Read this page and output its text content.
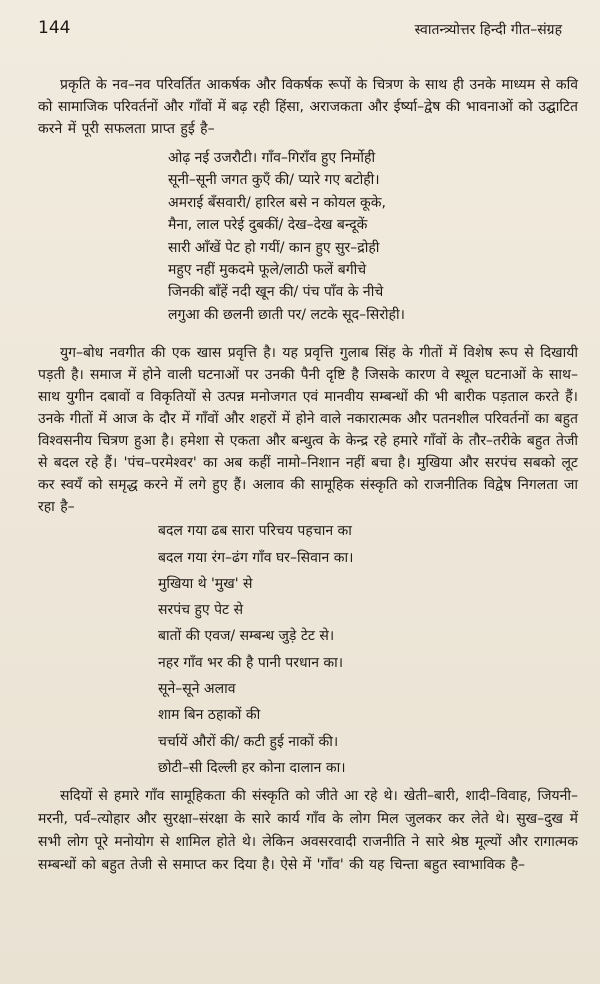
144	स्वातन्त्र्योत्तर हिन्दी गीत–संग्रह

प्रकृति के नव–नव परिवर्तित आकर्षक और विकर्षक रूपों के चित्रण के साथ ही उनके माध्यम से कवि को सामाजिक परिवर्तनों और गाँवों में बढ़ रही हिंसा, अराजकता और ईर्ष्या–द्वेष की भावनाओं को उद्घाटित करने में पूरी सफलता प्राप्त हुई है–

ओढ़ नई उजरौटी। गाँव–गिराँव हुए निर्मोही
सूनी–सूनी जगत कुएँ की/ प्यारे गए बटोही।
अमराई बँसवारी/ हारिल बसे न कोयल कूके,
मैना, लाल परेई दुबकीं/ देख–देख बन्दूकें
सारी आँखें पेट हो गयीं/ कान हुए सुर–द्रोही
महुए नहीं मुकदमे फूले/लाठी फलें बगीचे
जिनकी बाँहें नदी खून की/ पंच पाँव के नीचे
लगुआ की छलनी छाती पर/ लटके सूद–सिरोही।

युग–बोध नवगीत की एक खास प्रवृत्ति है। यह प्रवृत्ति गुलाब सिंह के गीतों में विशेष रूप से दिखायी पड़ती है। समाज में होने वाली घटनाओं पर उनकी पैनी दृष्टि है जिसके कारण वे स्थूल घटनाओं के साथ–साथ युगीन दबावों व विकृतियों से उत्पन्न मनोजगत एवं मानवीय सम्बन्धों की भी बारीक पड़ताल करते हैं। उनके गीतों में आज के दौर में गाँवों और शहरों में होने वाले नकारात्मक और पतनशील परिवर्तनों का बहुत विश्वसनीय चित्रण हुआ है। हमेशा से एकता और बन्धुत्व के केन्द्र रहे हमारे गाँवों के तौर–तरीके बहुत तेजी से बदल रहे हैं। 'पंच–परमेश्वर' का अब कहीं नामो–निशान नहीं बचा है। मुखिया और सरपंच सबको लूट कर स्वयँ को समृद्ध करने में लगे हुए हैं। अलाव की सामूहिक संस्कृति को राजनीतिक विद्वेष निगलता जा रहा है–

बदल गया ढब सारा परिचय पहचान का
बदल गया रंग–ढंग गाँव घर–सिवान का।
मुखिया थे 'मुख' से
सरपंच हुए पेट से
बातों की एवज/ सम्बन्ध जुड़े टेट से।
नहर गाँव भर की है पानी परधान का।
सूने–सूने अलाव
शाम बिन ठहाकों की
चर्चायें औरों की/ कटी हुई नाकों की।
छोटी–सी दिल्ली हर कोना दालान का।

सदियों से हमारे गाँव सामूहिकता की संस्कृति को जीते आ रहे थे। खेती–बारी, शादी–विवाह, जियनी–मरनी, पर्व–त्योहार और सुरक्षा–संरक्षा के सारे कार्य गाँव के लोग मिल जुलकर कर लेते थे। सुख–दुख में सभी लोग पूरे मनोयोग से शामिल होते थे। लेकिन अवसरवादी राजनीति ने सारे श्रेष्ठ मूल्यों और रागात्मक सम्बन्धों को बहुत तेजी से समाप्त कर दिया है। ऐसे में 'गाँव' की यह चिन्ता बहुत स्वाभाविक है–
